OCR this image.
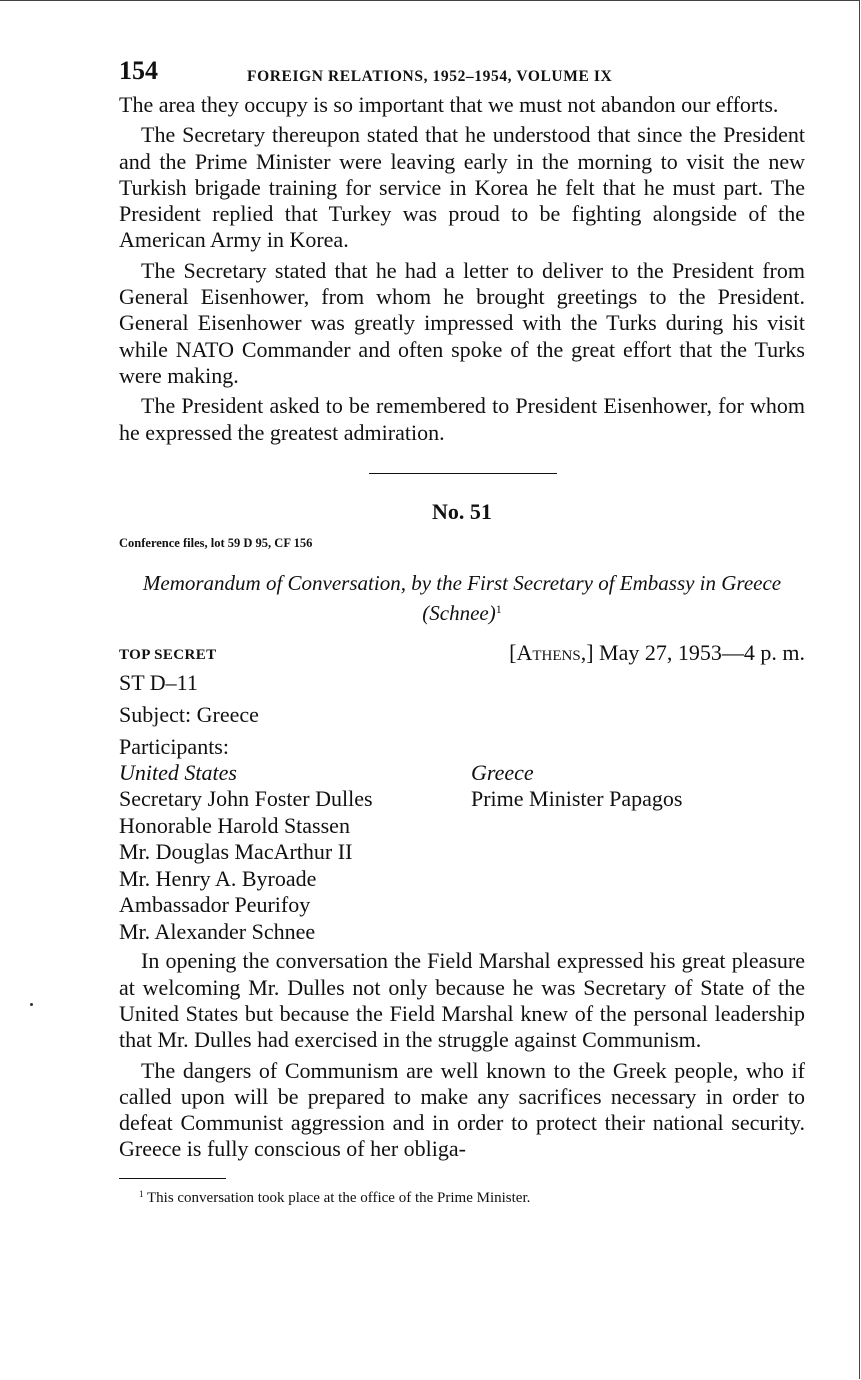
154	FOREIGN RELATIONS, 1952–1954, VOLUME IX

The area they occupy is so important that we must not abandon our efforts.

The Secretary thereupon stated that he understood that since the President and the Prime Minister were leaving early in the morning to visit the new Turkish brigade training for service in Korea he felt that he must part. The President replied that Turkey was proud to be fighting alongside of the American Army in Korea.

The Secretary stated that he had a letter to deliver to the President from General Eisenhower, from whom he brought greetings to the President. General Eisenhower was greatly impressed with the Turks during his visit while NATO Commander and often spoke of the great effort that the Turks were making.

The President asked to be remembered to President Eisenhower, for whom he expressed the greatest admiration.

No. 51
Conference files, lot 59 D 95, CF 156
Memorandum of Conversation, by the First Secretary of Embassy in Greece (Schnee)$^1$
TOP SECRET	[Athens,] May 27, 1953—4 p. m.
ST D–11
Subject: Greece
Participants:
United States
Secretary John Foster Dulles
Honorable Harold Stassen
Mr. Douglas MacArthur II
Mr. Henry A. Byroade
Ambassador Peurifoy
Mr. Alexander Schnee
Greece
Prime Minister Papagos

In opening the conversation the Field Marshal expressed his great pleasure at welcoming Mr. Dulles not only because he was Secretary of State of the United States but because the Field Marshal knew of the personal leadership that Mr. Dulles had exercised in the struggle against Communism.

The dangers of Communism are well known to the Greek people, who if called upon will be prepared to make any sacrifices necessary in order to defeat Communist aggression and in order to protect their national security. Greece is fully conscious of her obliga-

$^1$ This conversation took place at the office of the Prime Minister.
